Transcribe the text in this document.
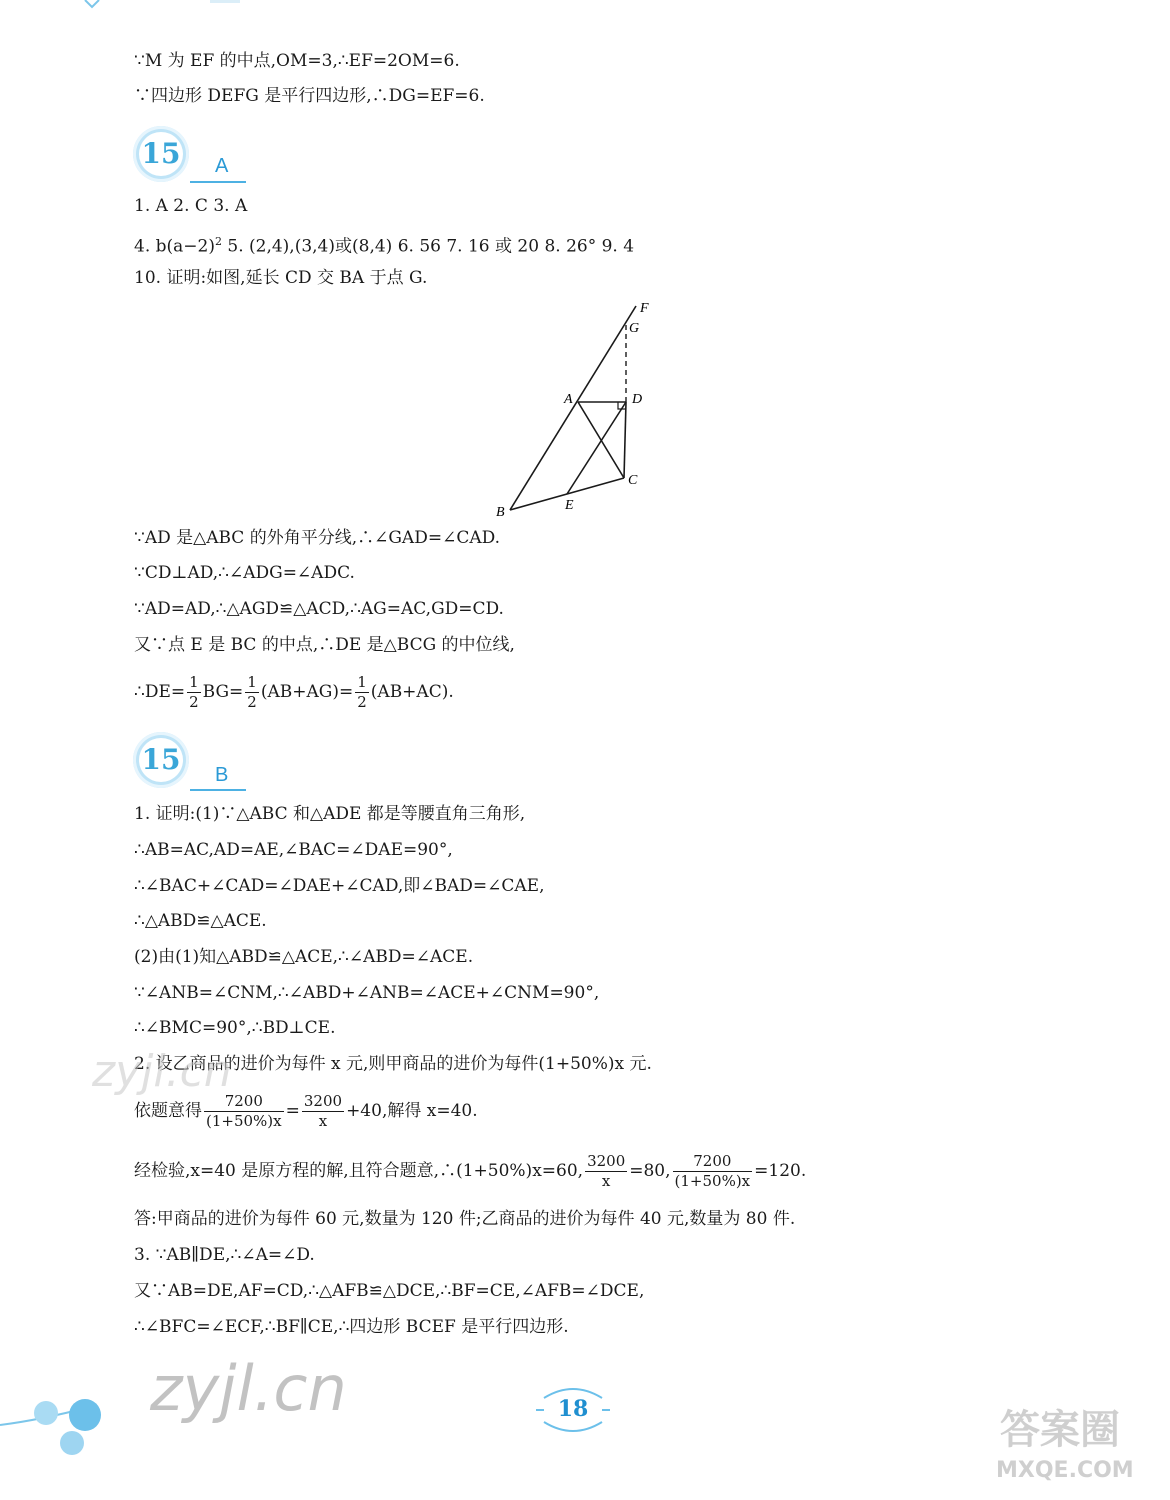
∵M 为 EF 的中点,OM=3,∴EF=2OM=6.
∵四边形 DEFG 是平行四边形,∴DG=EF=6.
15 A
1. A 2. C 3. A
4. $b(a-2)^2$ 5. (2,4),(3,4)或(8,4) 6. 56 7. 16 或 20 8. 26° 9. 4
10. 证明:如图,延长 CD 交 BA 于点 G.
F
G
A	D
C
B	E
∵AD 是△ABC 的外角平分线,∴∠GAD=∠CAD.
∵CD⊥AD,∴∠ADG=∠ADC.
∵AD=AD,∴△AGD≌△ACD,∴AG=AC,GD=CD.
又∵点 E 是 BC 的中点,∴DE 是△BCG 的中位线,
∴DE= $\frac{1}{2} BG= \frac{1}{2} (AB+AG)= \frac{1}{2} (AB+AC)$.
15 B
1. 证明:(1)∵△ABC 和△ADE 都是等腰直角三角形,
∴AB=AC,AD=AE,∠BAC=∠DAE=90°,
∴∠BAC+∠CAD=∠DAE+∠CAD,即∠BAD=∠CAE,
∴△ABD≌△ACE.
(2)由(1)知△ABD≌△ACE,∴∠ABD=∠ACE.
∵∠ANB=∠CNM,∴∠ABD+∠ANB=∠ACE+∠CNM=90°,
∴∠BMC=90°,∴BD⊥CE.
2. 设乙商品的进价为每件 x 元,则甲商品的进价为每件(1+50%)x 元.
依题意得 $\frac{7200}{(1+50\%)x} = \frac{3200}{x} +40$,解得 x=40.
经检验,x=40 是原方程的解,且符合题意,∴(1+50%)x=60, $\frac{3200}{x} =80$, $\frac{7200}{(1+50\%)x} =120$.
答:甲商品的进价为每件 60 元,数量为 120 件;乙商品的进价为每件 40 元,数量为 80 件.
3. ∵AB∥DE,∴∠A=∠D.
又∵AB=DE,AF=CD,∴△AFB≌△DCE,∴BF=CE,∠AFB=∠DCE,
∴∠BFC=∠ECF,∴BF∥CE,∴四边形 BCEF 是平行四边形.
zyjl.cn
zyjl.cn
答案圈
MXQE.COM
18
